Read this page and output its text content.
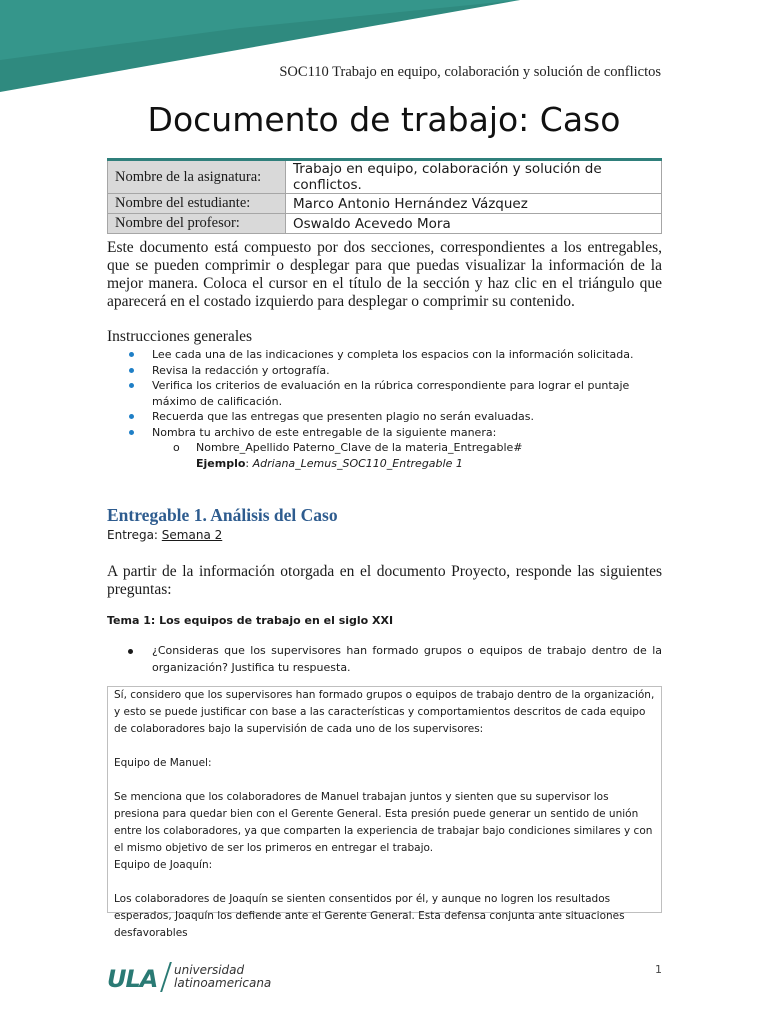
SOC110 Trabajo en equipo, colaboración y solución de conflictos
Documento de trabajo: Caso
Nombre de la asignatura:	Trabajo en equipo, colaboración y solución de conflictos.
Nombre del estudiante:	Marco Antonio Hernández Vázquez
Nombre del profesor:	Oswaldo Acevedo Mora
Este documento está compuesto por dos secciones, correspondientes a los entregables, que se pueden comprimir o desplegar para que puedas visualizar la información de la mejor manera. Coloca el cursor en el título de la sección y haz clic en el triángulo que aparecerá en el costado izquierdo para desplegar o comprimir su contenido.
Instrucciones generales
Lee cada una de las indicaciones y completa los espacios con la información solicitada.
Revisa la redacción y ortografía.
Verifica los criterios de evaluación en la rúbrica correspondiente para lograr el puntaje máximo de calificación.
Recuerda que las entregas que presenten plagio no serán evaluadas.
Nombra tu archivo de este entregable de la siguiente manera:
o Nombre_Apellido Paterno_Clave de la materia_Entregable#
Ejemplo: Adriana_Lemus_SOC110_Entregable 1
Entregable 1. Análisis del Caso
Entrega: Semana 2
A partir de la información otorgada en el documento Proyecto, responde las siguientes preguntas:
Tema 1: Los equipos de trabajo en el siglo XXI
¿Consideras que los supervisores han formado grupos o equipos de trabajo dentro de la organización? Justifica tu respuesta.

Sí, considero que los supervisores han formado grupos o equipos de trabajo dentro de la organización, y esto se puede justificar con base a las características y comportamientos descritos de cada equipo de colaboradores bajo la supervisión de cada uno de los supervisores:

Equipo de Manuel:

Se menciona que los colaboradores de Manuel trabajan juntos y sienten que su supervisor los presiona para quedar bien con el Gerente General. Esta presión puede generar un sentido de unión entre los colaboradores, ya que comparten la experiencia de trabajar bajo condiciones similares y con el mismo objetivo de ser los primeros en entregar el trabajo.

Equipo de Joaquín:

Los colaboradores de Joaquín se sienten consentidos por él, y aunque no logren los resultados esperados, Joaquín los defiende ante el Gerente General. Esta defensa conjunta ante situaciones desfavorables

ULA universidad
latinoamericana
1
